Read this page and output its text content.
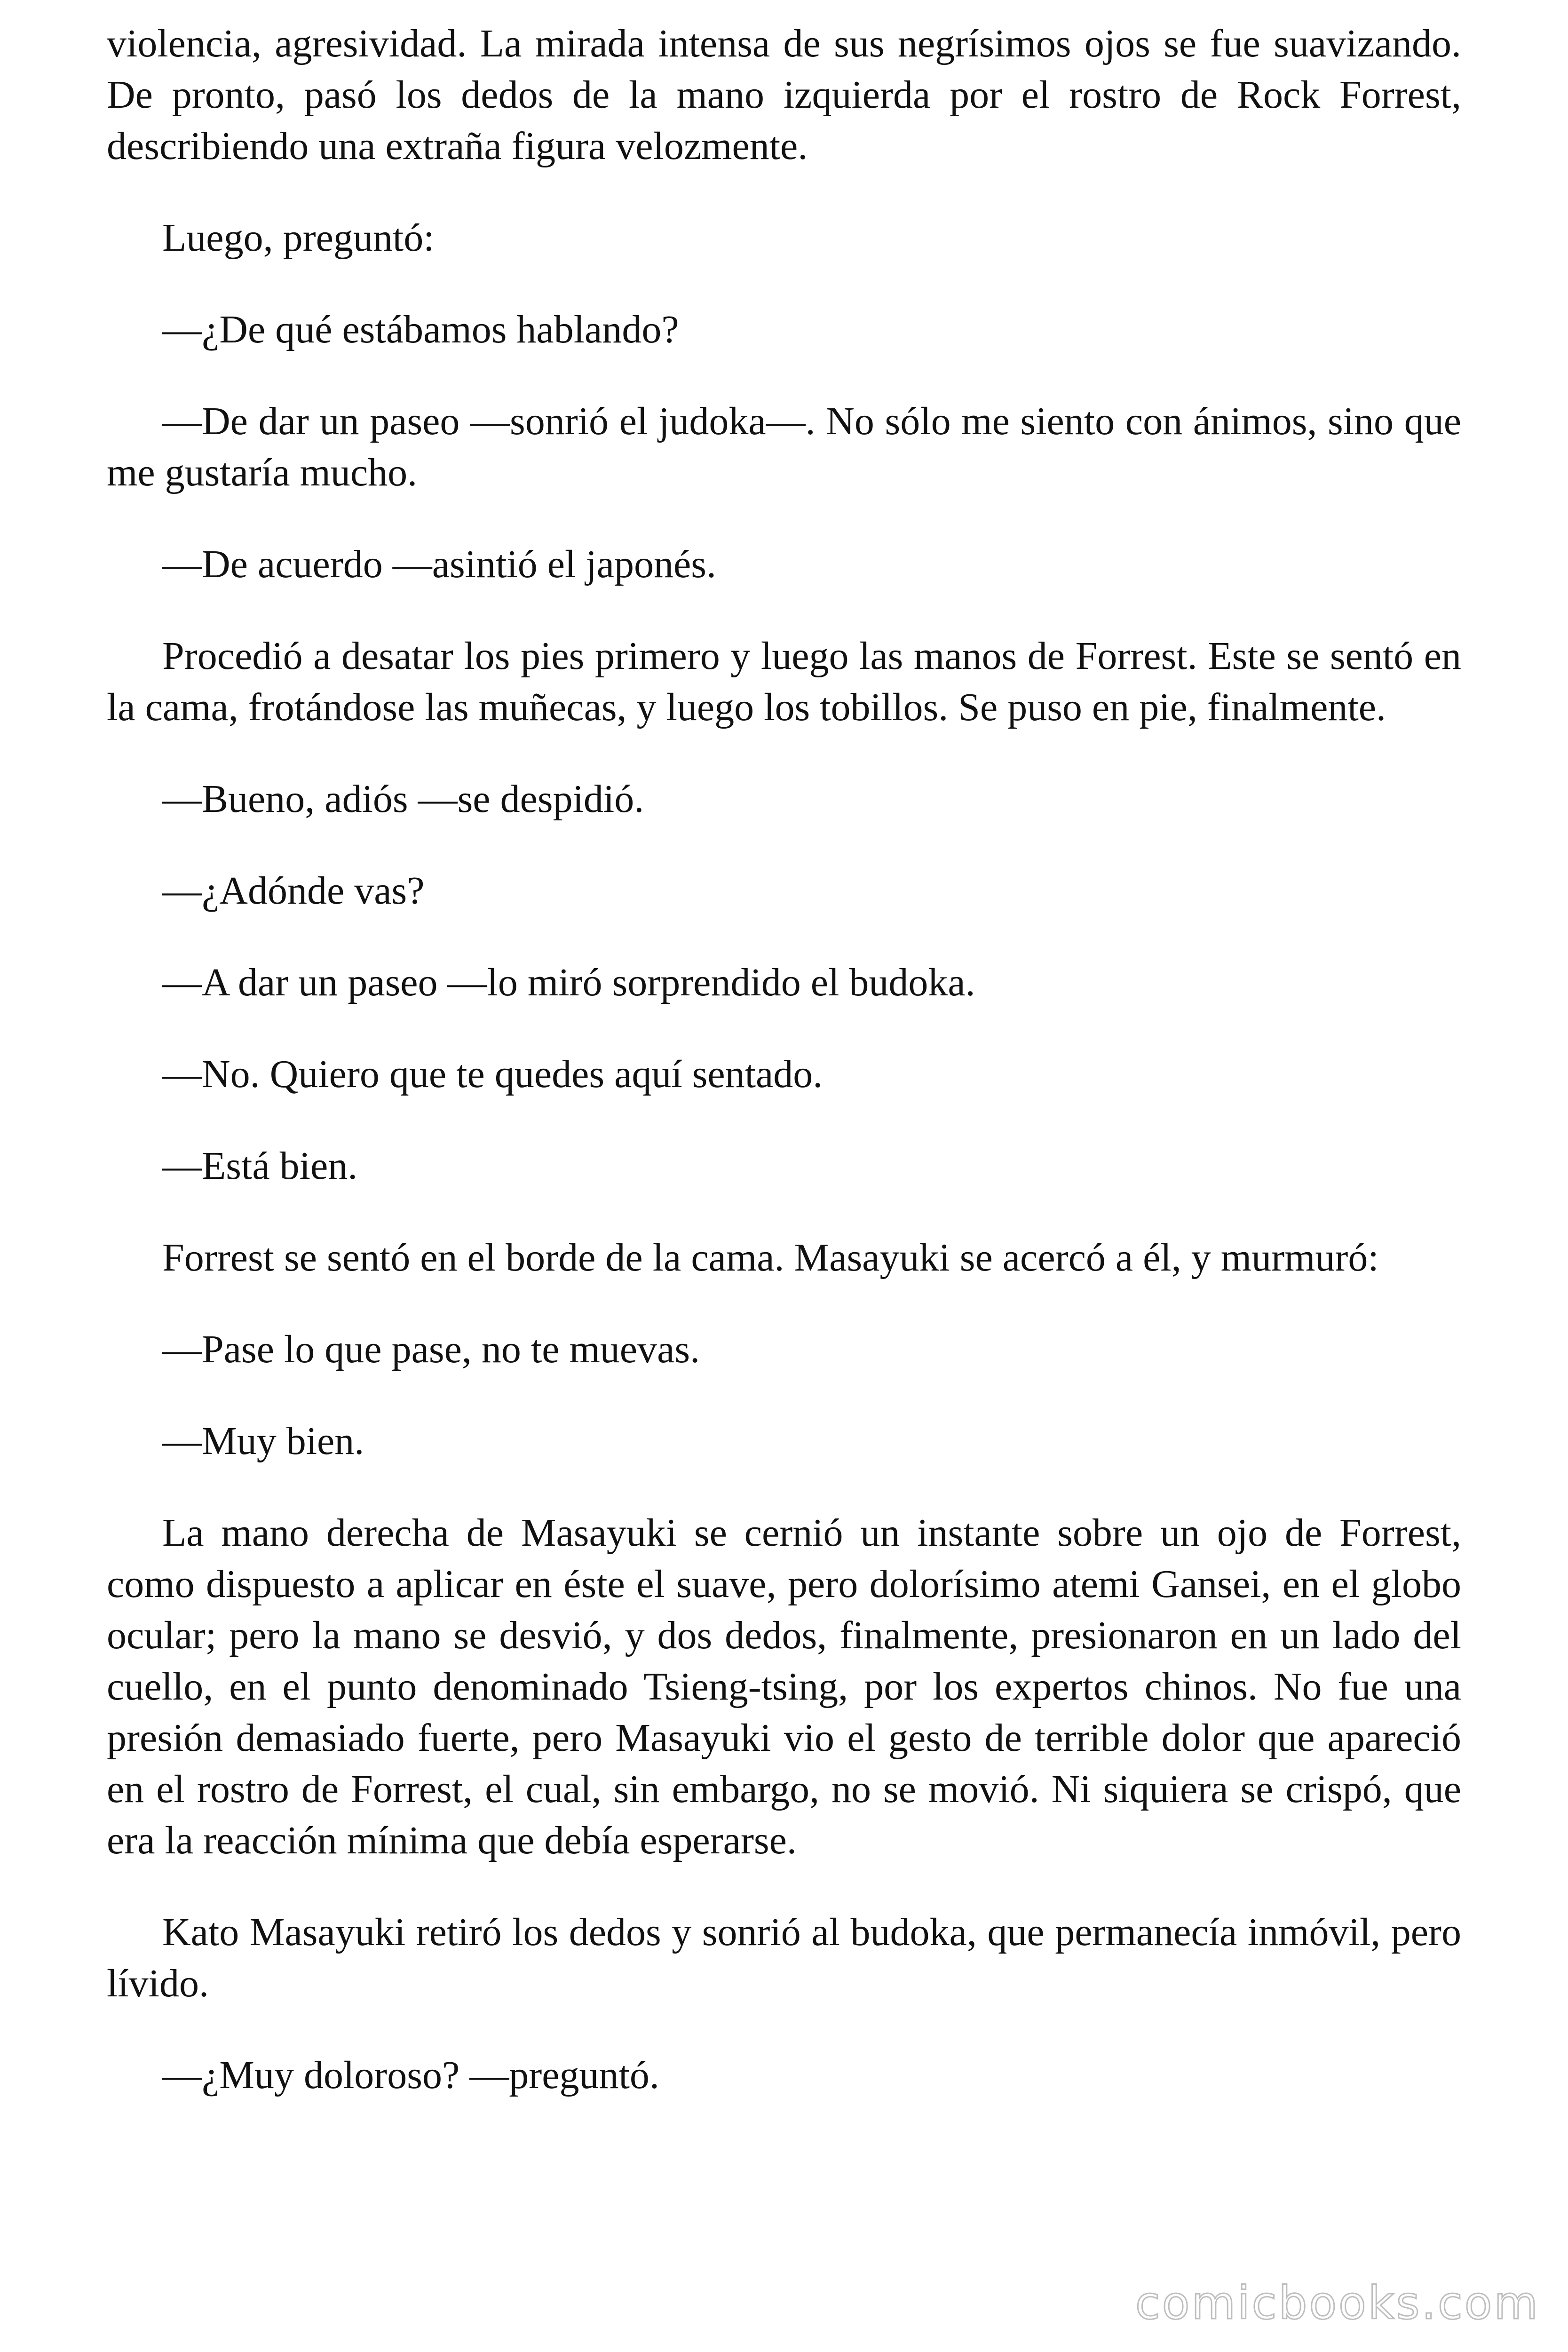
violencia, agresividad. La mirada intensa de sus negrísimos ojos se fue suavizando. De pronto, pasó los dedos de la mano izquierda por el rostro de Rock Forrest, describiendo una extraña figura velozmente.

Luego, preguntó:

—¿De qué estábamos hablando?

—De dar un paseo —sonrió el judoka—. No sólo me siento con ánimos, sino que me gustaría mucho.

—De acuerdo —asintió el japonés.

Procedió a desatar los pies primero y luego las manos de Forrest. Este se sentó en la cama, frotándose las muñecas, y luego los tobillos. Se puso en pie, finalmente.

—Bueno, adiós —se despidió.

—¿Adónde vas?

—A dar un paseo —lo miró sorprendido el budoka.

—No. Quiero que te quedes aquí sentado.

—Está bien.

Forrest se sentó en el borde de la cama. Masayuki se acercó a él, y murmuró:

—Pase lo que pase, no te muevas.

—Muy bien.

La mano derecha de Masayuki se cernió un instante sobre un ojo de Forrest, como dispuesto a aplicar en éste el suave, pero dolorísimo atemi Gansei, en el globo ocular; pero la mano se desvió, y dos dedos, finalmente, presionaron en un lado del cuello, en el punto denominado Tsieng-tsing, por los expertos chinos. No fue una presión demasiado fuerte, pero Masayuki vio el gesto de terrible dolor que apareció en el rostro de Forrest, el cual, sin embargo, no se movió. Ni siquiera se crispó, que era la reacción mínima que debía esperarse.

Kato Masayuki retiró los dedos y sonrió al budoka, que permanecía inmóvil, pero lívido.

—¿Muy doloroso? —preguntó.

comicbooks.com
